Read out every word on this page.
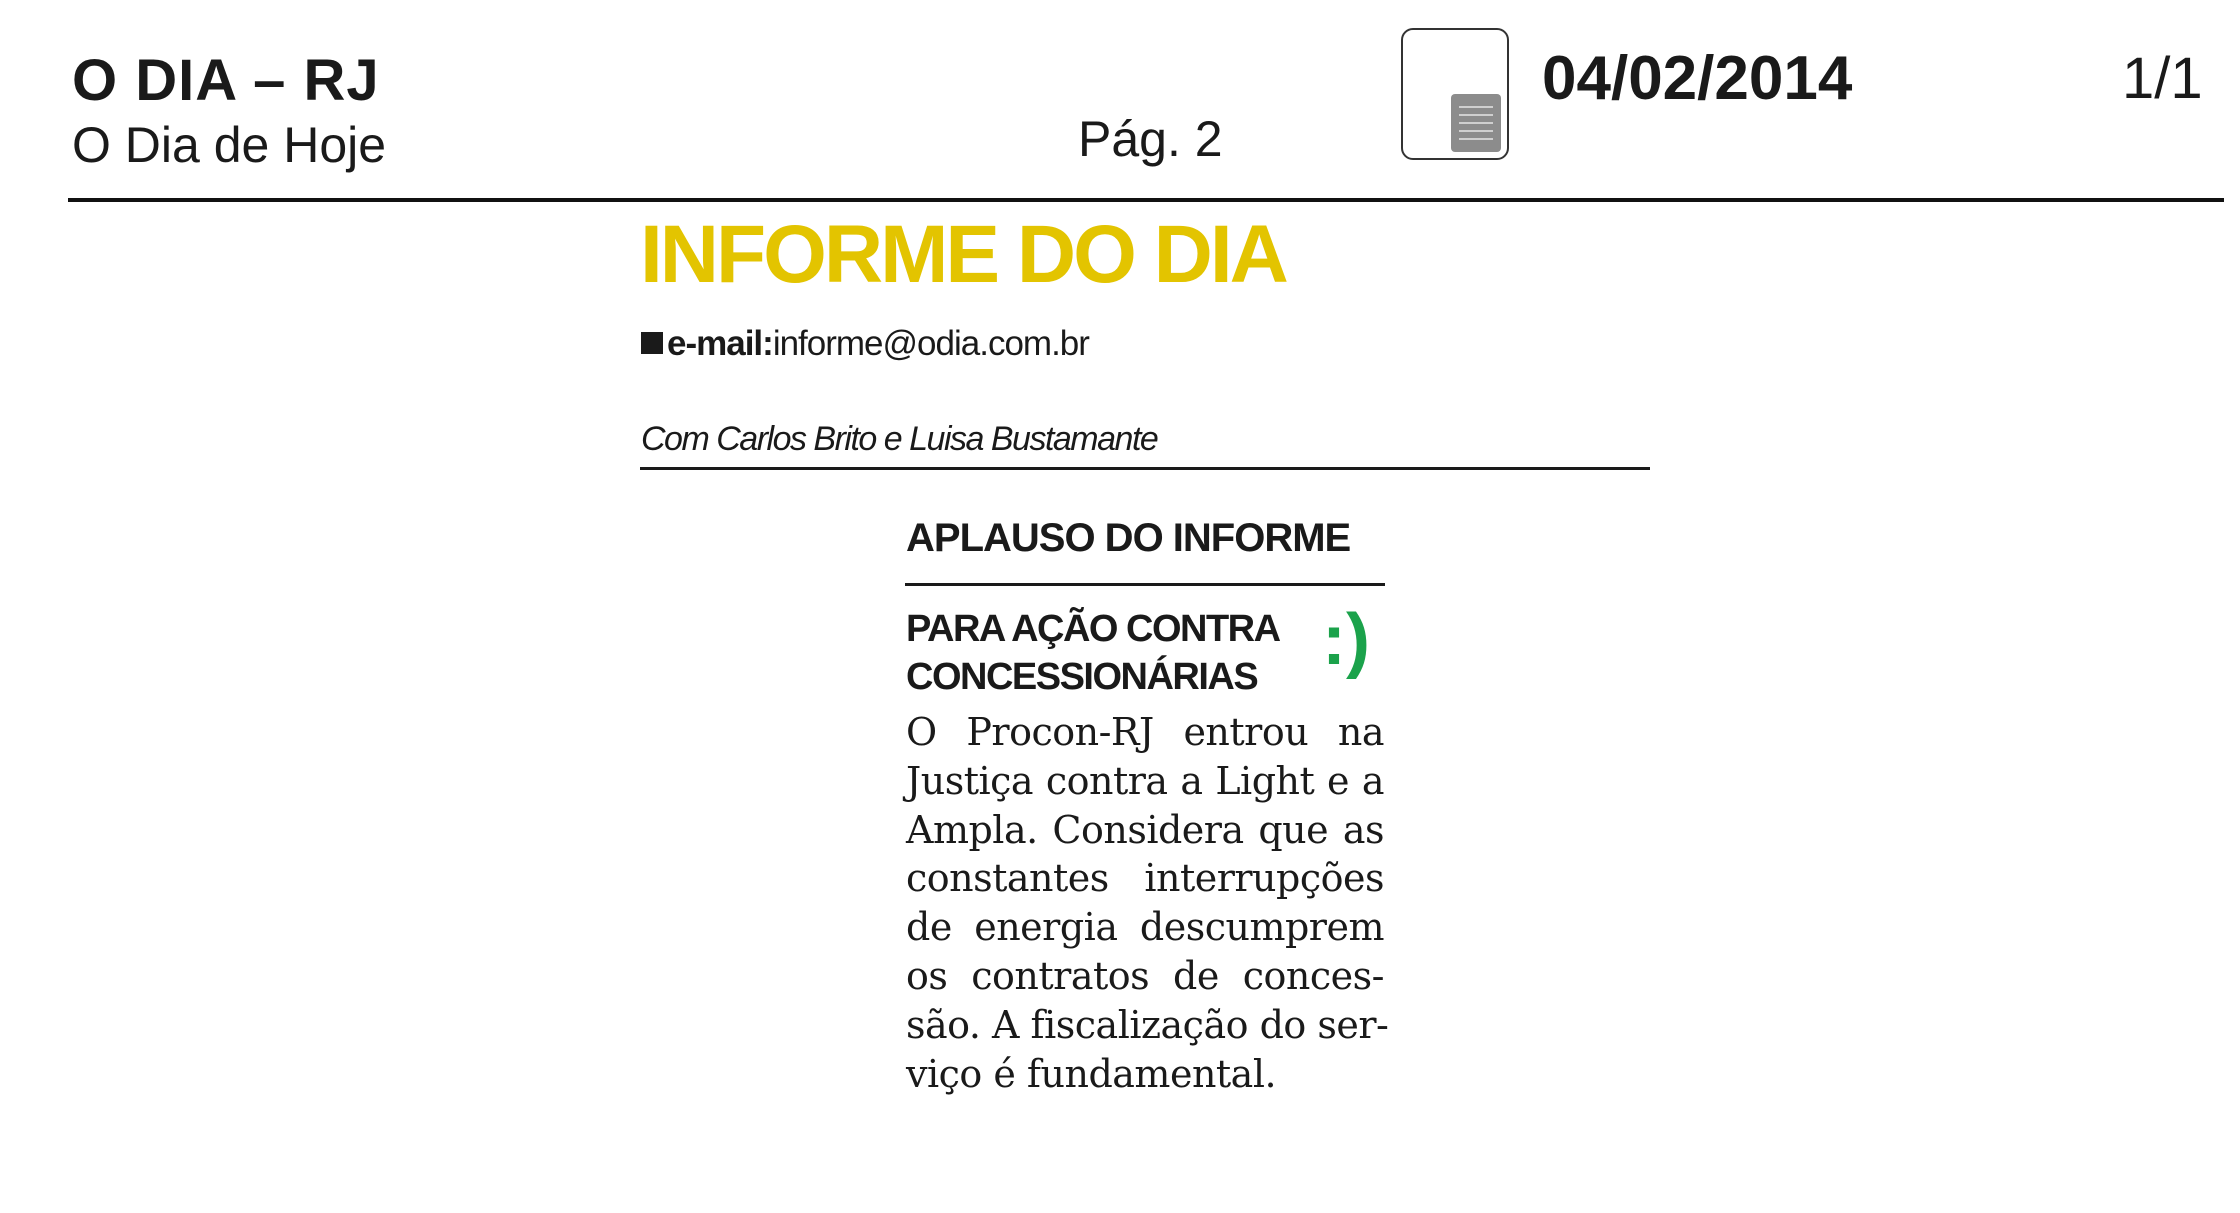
O DIA – RJ
O Dia de Hoje	Pág. 2
04/02/2014	1/1
INFORME DO DIA
e-mail:informe@odia.com.br
Com Carlos Brito e Luisa Bustamante
APLAUSO DO INFORME
PARA AÇÃO CONTRA
CONCESSIONÁRIAS :)
O Procon-RJ entrou na
Justiça contra a Light e a
Ampla. Considera que as
constantes interrupções
de energia descumprem
os contratos de conces-
são. A fiscalização do ser-
viço é fundamental.
